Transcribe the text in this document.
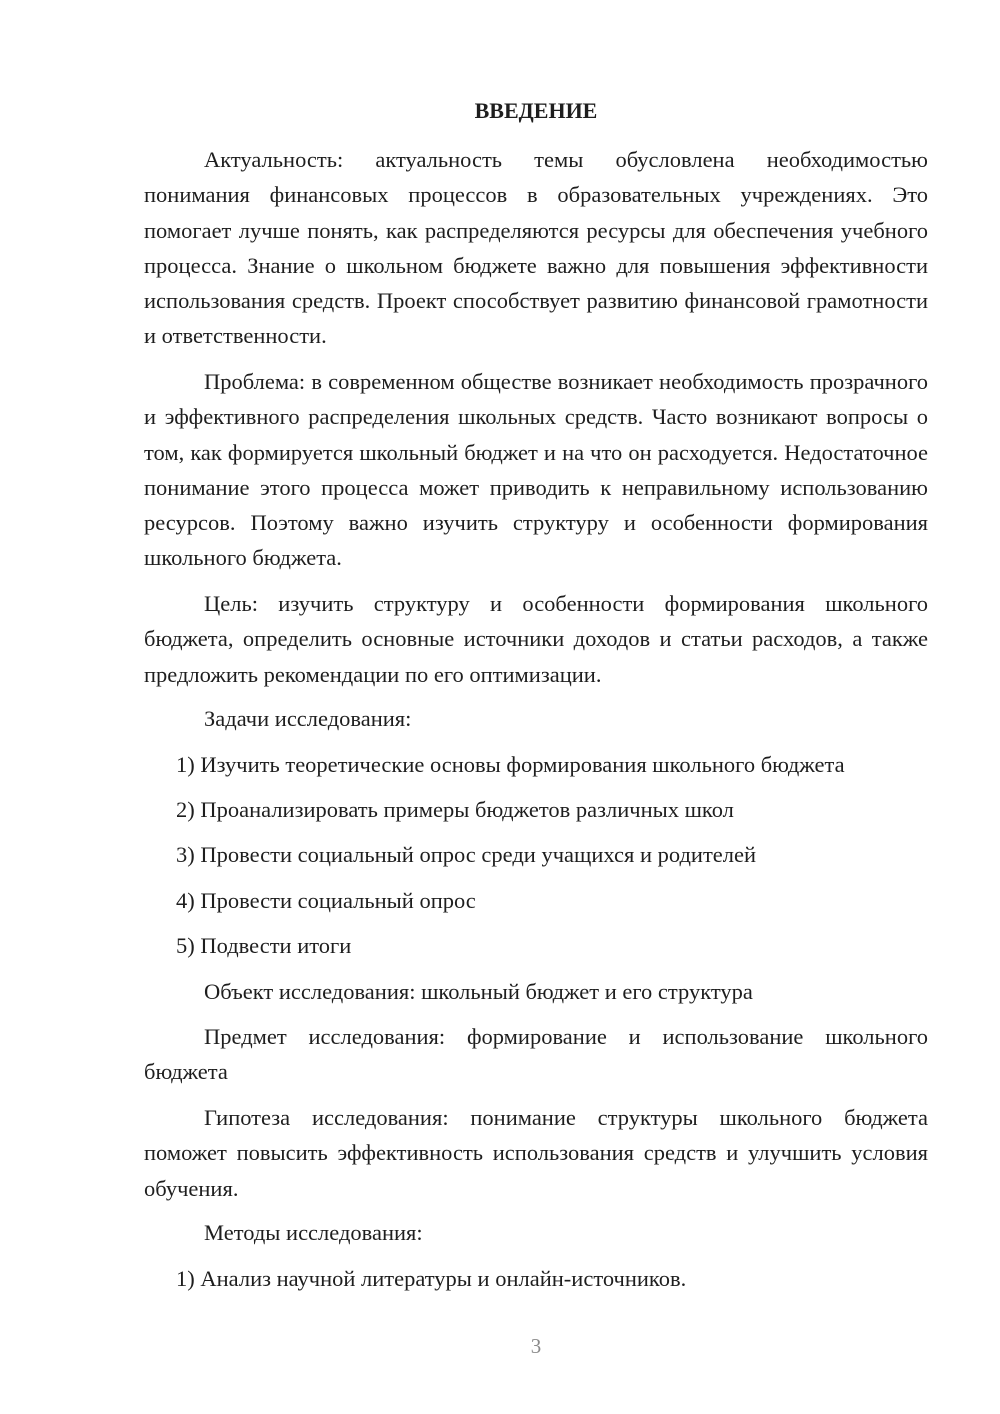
ВВЕДЕНИЕ

Актуальность: актуальность темы обусловлена необходимостью понимания финансовых процессов в образовательных учреждениях. Это помогает лучше понять, как распределяются ресурсы для обеспечения учебного процесса. Знание о школьном бюджете важно для повышения эффективности использования средств. Проект способствует развитию финансовой грамотности и ответственности.

Проблема: в современном обществе возникает необходимость прозрачного и эффективного распределения школьных средств. Часто возникают вопросы о том, как формируется школьный бюджет и на что он расходуется. Недостаточное понимание этого процесса может приводить к неправильному использованию ресурсов. Поэтому важно изучить структуру и особенности формирования школьного бюджета.

Цель: изучить структуру и особенности формирования школьного бюджета, определить основные источники доходов и статьи расходов, а также предложить рекомендации по его оптимизации.

Задачи исследования:

1) Изучить теоретические основы формирования школьного бюджета

2) Проанализировать примеры бюджетов различных школ

3) Провести социальный опрос среди учащихся и родителей

4) Провести социальный опрос

5) Подвести итоги

Объект исследования: школьный бюджет и его структура

Предмет исследования: формирование и использование школьного бюджета

Гипотеза исследования: понимание структуры школьного бюджета поможет повысить эффективность использования средств и улучшить условия обучения.

Методы исследования:

1) Анализ научной литературы и онлайн-источников.

3
